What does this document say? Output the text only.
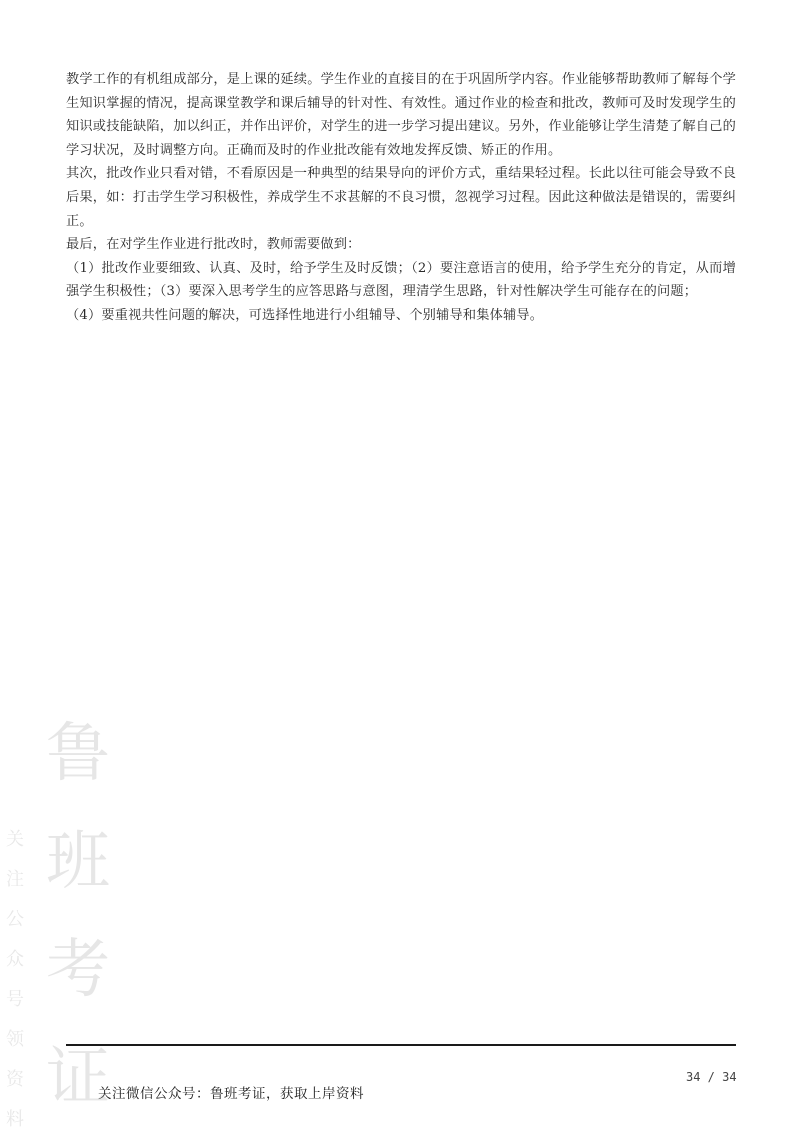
教学工作的有机组成部分，是上课的延续。学生作业的直接目的在于巩固所学内容。作业能够帮助教师了解每个学生知识掌握的情况，提高课堂教学和课后辅导的针对性、有效性。通过作业的检查和批改，教师可及时发现学生的知识或技能缺陷，加以纠正，并作出评价，对学生的进一步学习提出建议。另外，作业能够让学生清楚了解自己的学习状况，及时调整方向。正确而及时的作业批改能有效地发挥反馈、矫正的作用。

其次，批改作业只看对错，不看原因是一种典型的结果导向的评价方式，重结果轻过程。长此以往可能会导致不良后果，如：打击学生学习积极性，养成学生不求甚解的不良习惯，忽视学习过程。因此这种做法是错误的，需要纠正。

最后，在对学生作业进行批改时，教师需要做到：

（1）批改作业要细致、认真、及时，给予学生及时反馈；（2）要注意语言的使用，给予学生充分的肯定，从而增强学生积极性；（3）要深入思考学生的应答思路与意图，理清学生思路，针对性解决学生可能存在的问题；

（4）要重视共性问题的解决，可选择性地进行小组辅导、个别辅导和集体辅导。

鲁
班
考
证
关
注
公
众
号
领
资
料
关注微信公众号：鲁班考证，获取上岸资料
34 / 34
